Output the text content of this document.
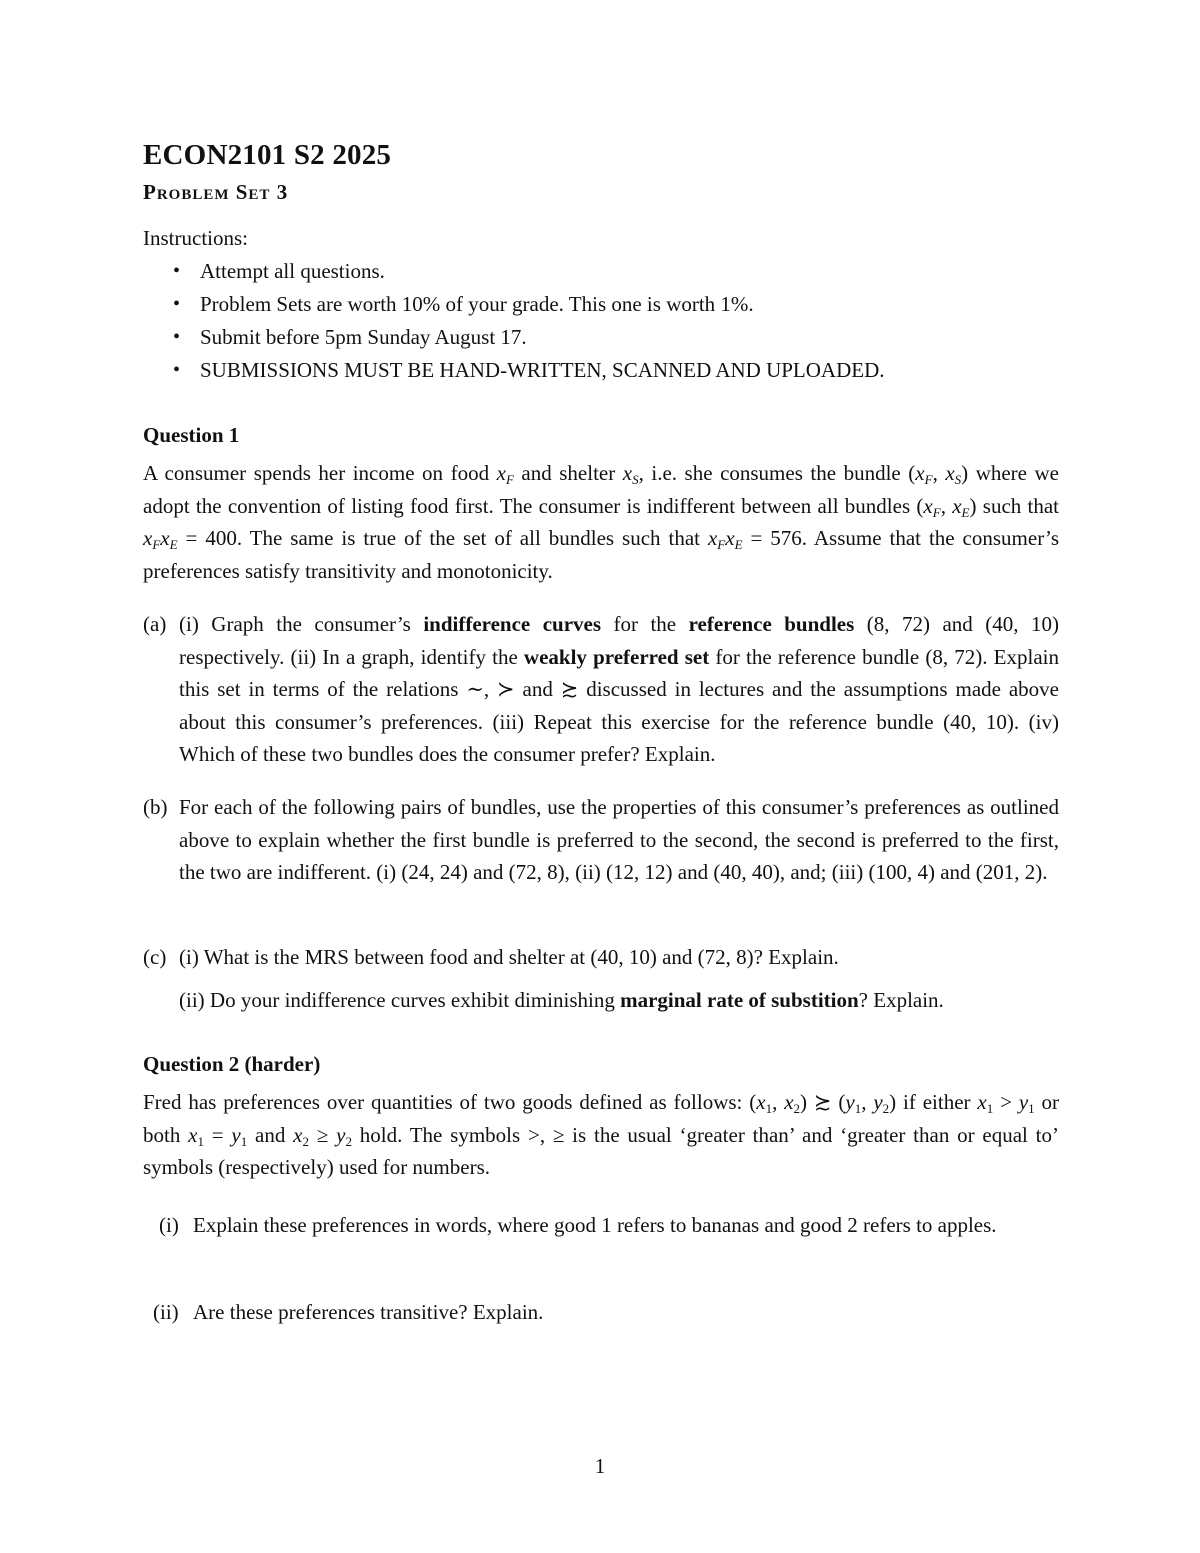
ECON2101 S2 2025

Problem Set 3

Instructions:

• Attempt all questions.
• Problem Sets are worth 10% of your grade. This one is worth 1%.
• Submit before 5pm Sunday August 17.
• SUBMISSIONS MUST BE HAND-WRITTEN, SCANNED AND UPLOADED.

Question 1

A consumer spends her income on food $x_F$ and shelter $x_S$, i.e. she consumes the bundle ($x_F$, $x_S$) where we adopt the convention of listing food first. The consumer is indifferent between all bundles ($x_F$, $x_E$) such that $x_Fx_E = 400$. The same is true of the set of all bundles such that $x_Fx_E = 576$. Assume that the consumer’s preferences satisfy transitivity and monotonicity.

(a) (i) Graph the consumer’s indifference curves for the reference bundles (8, 72) and (40, 10) respectively. (ii) In a graph, identify the weakly preferred set for the reference bundle (8, 72). Explain this set in terms of the relations ∼, ≻ and ≿ discussed in lectures and the assumptions made above about this consumer’s preferences. (iii) Repeat this exercise for the reference bundle (40, 10). (iv) Which of these two bundles does the consumer prefer? Explain.
(b) For each of the following pairs of bundles, use the properties of this consumer’s preferences as outlined above to explain whether the first bundle is preferred to the second, the second is preferred to the first, the two are indifferent. (i) (24, 24) and (72, 8), (ii) (12, 12) and (40, 40), and; (iii) (100, 4) and (201, 2).
(c) (i) What is the MRS between food and shelter at (40, 10) and (72, 8)? Explain.
(ii) Do your indifference curves exhibit diminishing marginal rate of substition? Explain.

Question 2 (harder)

Fred has preferences over quantities of two goods defined as follows: ($x_1$, $x_2$) ≿ ($y_1$, $y_2$) if either $x_1 > y_1$ or both $x_1 = y_1$ and $x_2 \ge y_2$ hold. The symbols >, ≥ is the usual ‘greater than’ and ‘greater than or equal to’ symbols (respectively) used for numbers.

(i) Explain these preferences in words, where good 1 refers to bananas and good 2 refers to apples.
(ii) Are these preferences transitive? Explain.

1
